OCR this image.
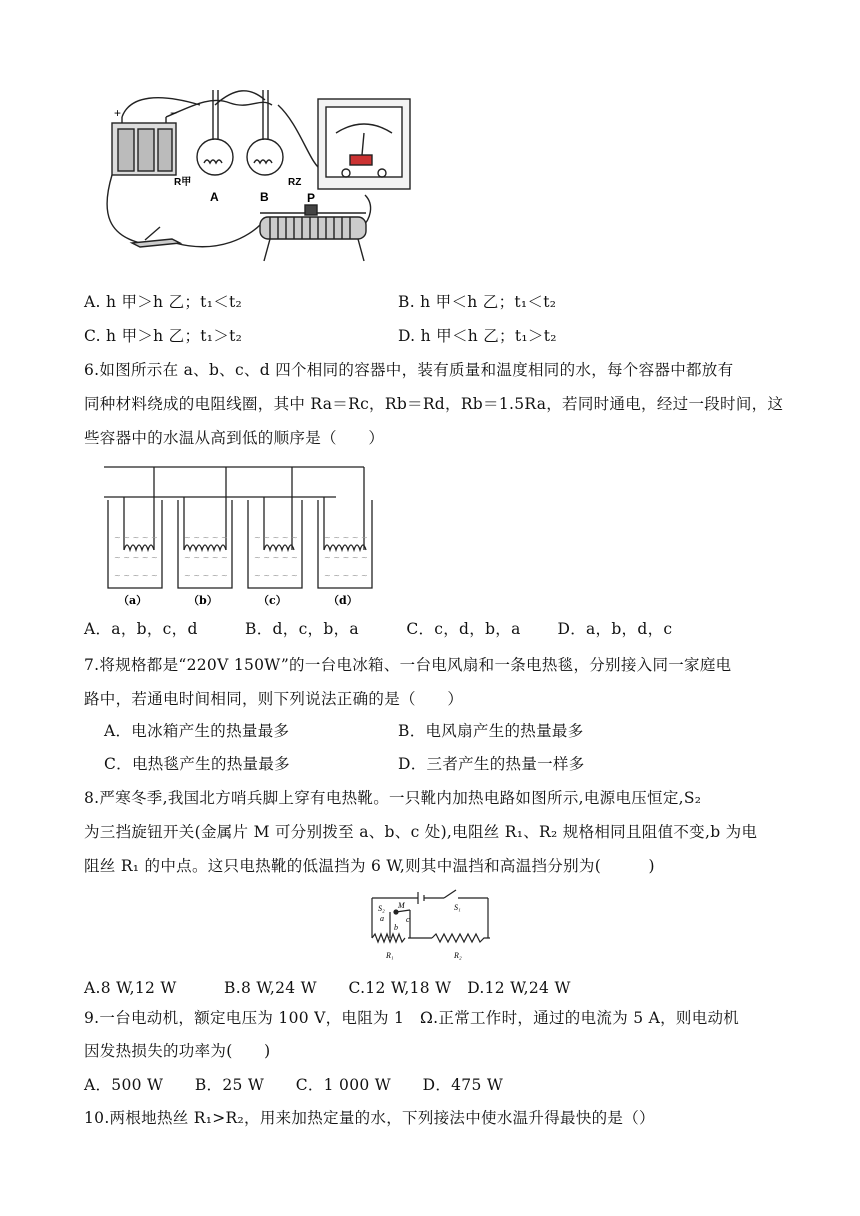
+	−
R甲	RZ
A	B	P
A. h 甲＞h 乙；t₁＜t₂	B. h 甲＜h 乙；t₁＜t₂
C. h 甲＞h 乙；t₁＞t₂	D. h 甲＜h 乙；t₁＞t₂
6.如图所示在 a、b、c、d 四个相同的容器中，装有质量和温度相同的水，每个容器中都放有
同种材料绕成的电阻线圈，其中 Ra＝Rc，Rb＝Rd，Rb＝1.5Ra，若同时通电，经过一段时间，这
些容器中的水温从高到低的顺序是（　　）
~ ~ ~ ~ ~
~ ~ ~ ~ ~
~ ~ ~ ~ ~
~ ~ ~ ~ ~
~ ~ ~ ~ ~
~ ~ ~ ~ ~
~ ~ ~ ~ ~
~ ~ ~ ~ ~
~ ~ ~ ~ ~
~ ~ ~ ~ ~
~ ~ ~ ~ ~
~ ~ ~ ~ ~
（a）	（b）	（c）	（d）
A．a，b，c，d　　　B．d，c，b，a　　　C．c，d，b，a　　 D．a，b，d，c
7.将规格都是“220V 150W”的一台电冰箱、一台电风扇和一条电热毯，分别接入同一家庭电
路中，若通电时间相同，则下列说法正确的是（　　）
A．电冰箱产生的热量最多	B．电风扇产生的热量最多
C．电热毯产生的热量最多	D．三者产生的热量一样多
8.严寒冬季,我国北方哨兵脚上穿有电热靴。一只靴内加热电路如图所示,电源电压恒定,S₂
为三挡旋钮开关(金属片 M 可分别拨至 a、b、c 处),电阻丝 R₁、R₂ 规格相同且阻值不变,b 为电
阻丝 R₁ 的中点。这只电热靴的低温挡为 6 W,则其中温挡和高温挡分别为(　　　)
S₂ M
a	c
b
S₁
R₁	R₂
A.8 W,12 W　　　B.8 W,24 W　　C.12 W,18 W　D.12 W,24 W
9.一台电动机，额定电压为 100 V，电阻为 1　Ω.正常工作时，通过的电流为 5 A，则电动机
因发热损失的功率为(　　)
A．500 W　　B．25 W　　C．1 000 W　　D．475 W
10.两根地热丝 R₁>R₂，用来加热定量的水，下列接法中使水温升得最快的是（）
